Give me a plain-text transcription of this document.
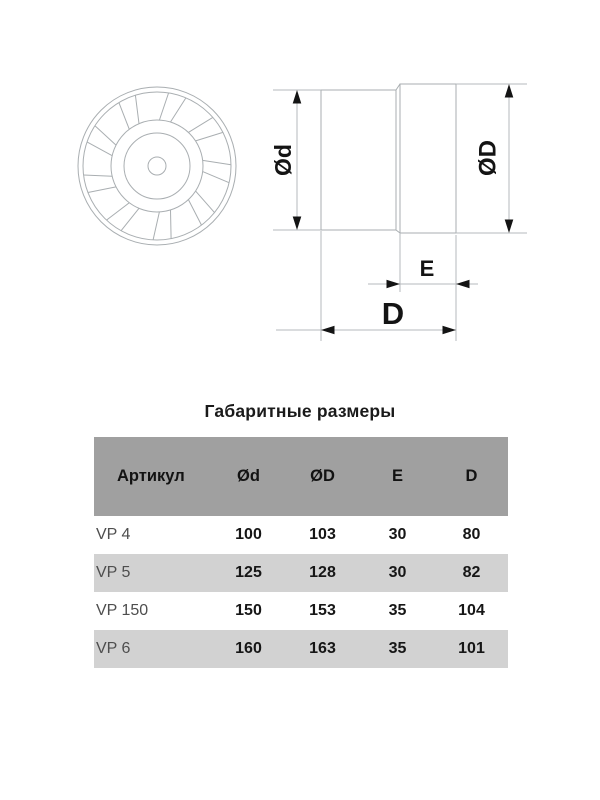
Ød	ØD
E
D
Габаритные размеры
Артикул	Ød	ØD	E	D
VP 4	100	103	30	80
VP 5	125	128	30	82
VP 150	150	153	35	104
VP 6	160	163	35	101
